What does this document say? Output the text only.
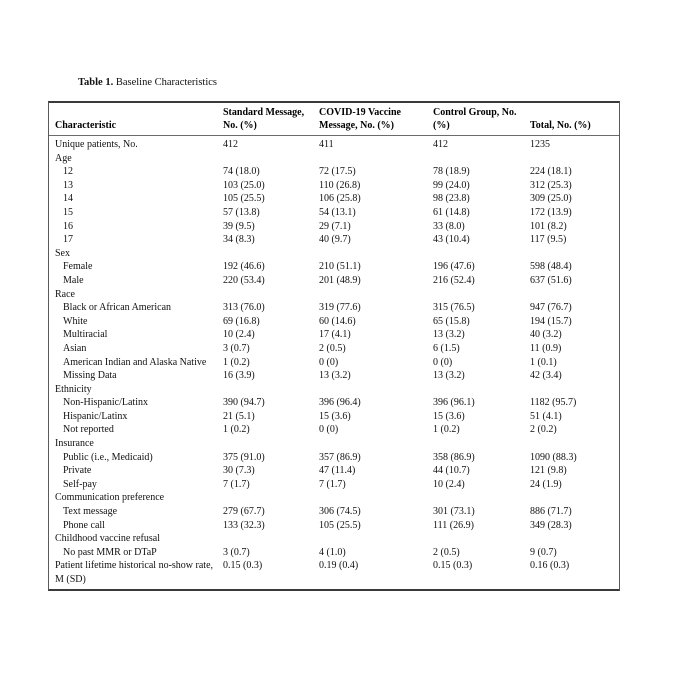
Table 1. Baseline Characteristics
Characteristic	Standard Message, No. (%)	COVID-19 Vaccine Message, No. (%)	Control Group, No. (%)	Total, No. (%)
Unique patients, No.	412	411	412	1235
Age				
12	74 (18.0)	72 (17.5)	78 (18.9)	224 (18.1)
13	103 (25.0)	110 (26.8)	99 (24.0)	312 (25.3)
14	105 (25.5)	106 (25.8)	98 (23.8)	309 (25.0)
15	57 (13.8)	54 (13.1)	61 (14.8)	172 (13.9)
16	39 (9.5)	29 (7.1)	33 (8.0)	101 (8.2)
17	34 (8.3)	40 (9.7)	43 (10.4)	117 (9.5)
Sex				
Female	192 (46.6)	210 (51.1)	196 (47.6)	598 (48.4)
Male	220 (53.4)	201 (48.9)	216 (52.4)	637 (51.6)
Race				
Black or African American	313 (76.0)	319 (77.6)	315 (76.5)	947 (76.7)
White	69 (16.8)	60 (14.6)	65 (15.8)	194 (15.7)
Multiracial	10 (2.4)	17 (4.1)	13 (3.2)	40 (3.2)
Asian	3 (0.7)	2 (0.5)	6 (1.5)	11 (0.9)
American Indian and Alaska Native	1 (0.2)	0 (0)	0 (0)	1 (0.1)
Missing Data	16 (3.9)	13 (3.2)	13 (3.2)	42 (3.4)
Ethnicity				
Non-Hispanic/Latinx	390 (94.7)	396 (96.4)	396 (96.1)	1182 (95.7)
Hispanic/Latinx	21 (5.1)	15 (3.6)	15 (3.6)	51 (4.1)
Not reported	1 (0.2)	0 (0)	1 (0.2)	2 (0.2)
Insurance				
Public (i.e., Medicaid)	375 (91.0)	357 (86.9)	358 (86.9)	1090 (88.3)
Private	30 (7.3)	47 (11.4)	44 (10.7)	121 (9.8)
Self-pay	7 (1.7)	7 (1.7)	10 (2.4)	24 (1.9)
Communication preference				
Text message	279 (67.7)	306 (74.5)	301 (73.1)	886 (71.7)
Phone call	133 (32.3)	105 (25.5)	111 (26.9)	349 (28.3)
Childhood vaccine refusal				
No past MMR or DTaP	3 (0.7)	4 (1.0)	2 (0.5)	9 (0.7)
Patient lifetime historical no-show rate, M (SD)	0.15 (0.3)	0.19 (0.4)	0.15 (0.3)	0.16 (0.3)
